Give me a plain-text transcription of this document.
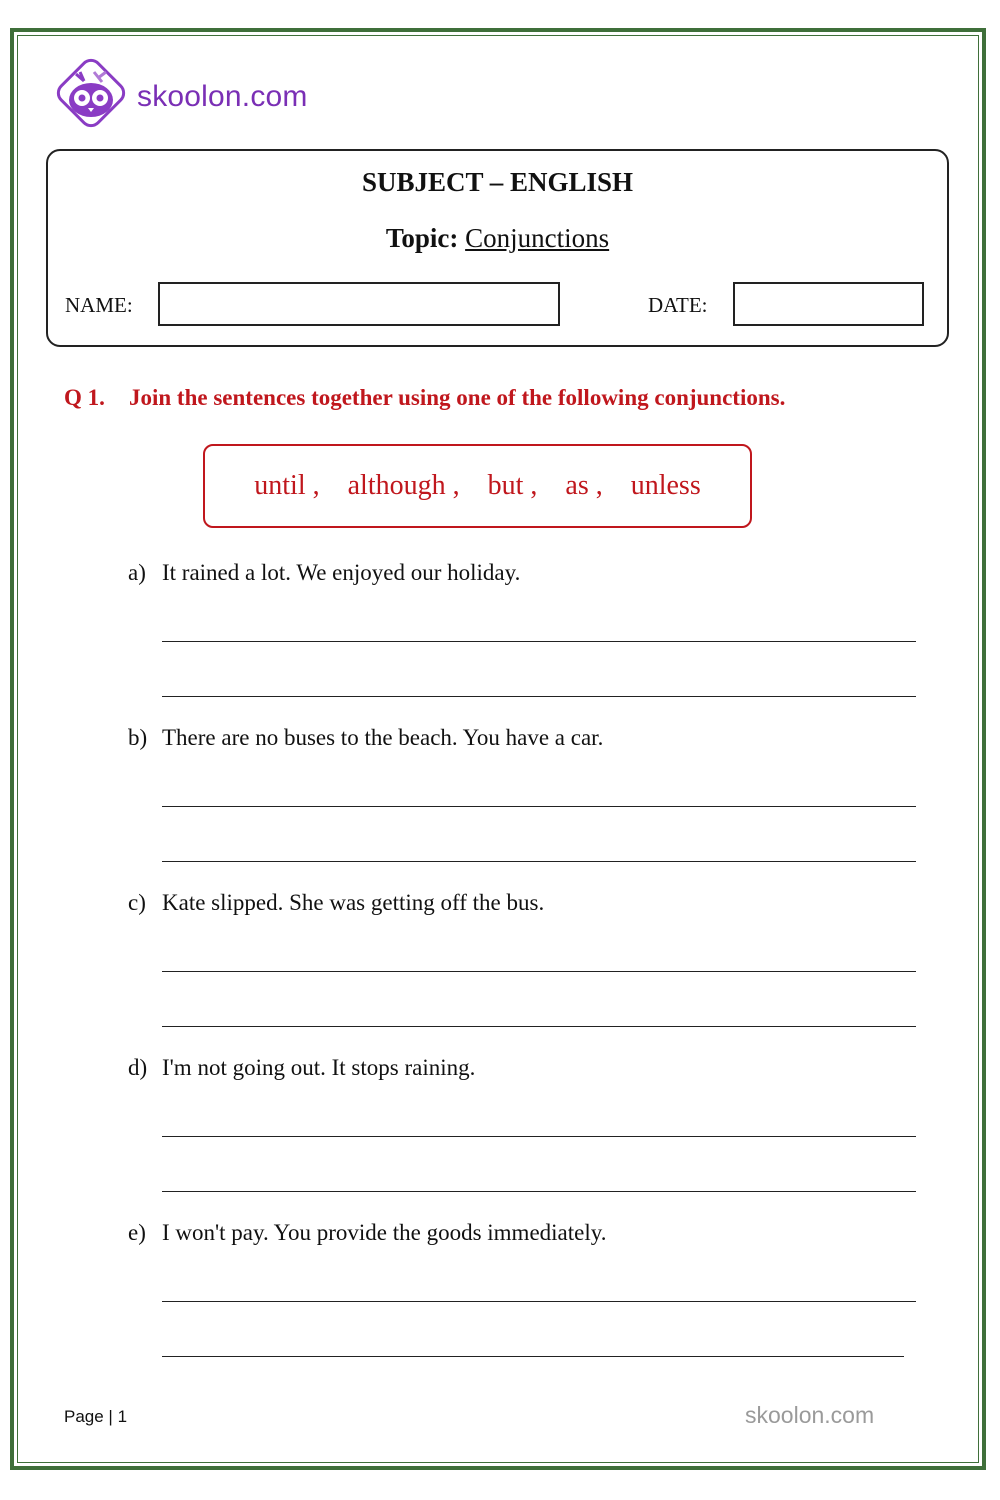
skoolon.com
SUBJECT – ENGLISH
Topic: Conjunctions
NAME:	DATE:
Q 1. Join the sentences together using one of the following conjunctions.
until , although , but , as , unless
a) It rained a lot. We enjoyed our holiday.
b) There are no buses to the beach. You have a car.
c) Kate slipped. She was getting off the bus.
d) I'm not going out. It stops raining.
e) I won't pay. You provide the goods immediately.
Page | 1	skoolon.com
